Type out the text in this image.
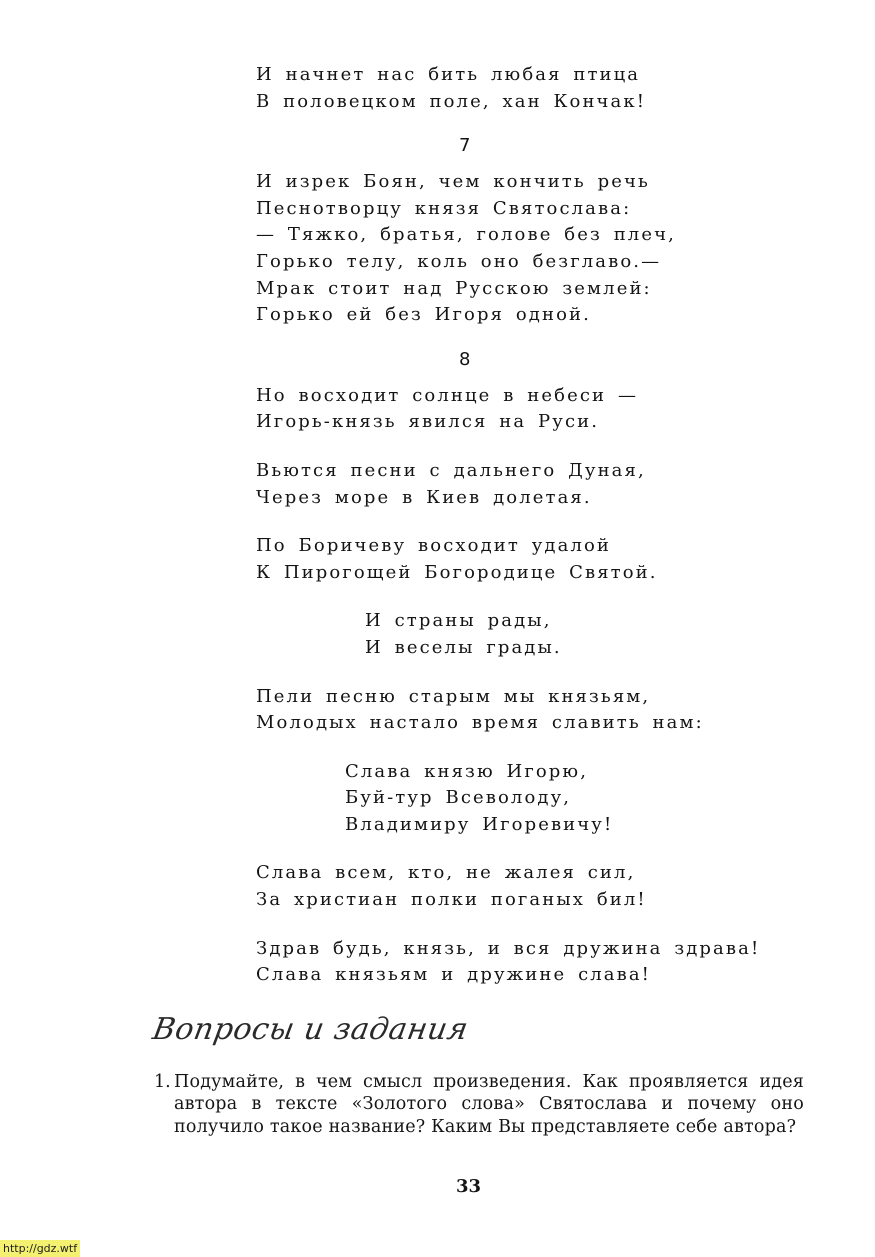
И начнет нас бить любая птица
В половецком поле, хан Кончак!
7
И изрек Боян, чем кончить речь
Песнотворцу князя Святослава:
— Тяжко, братья, голове без плеч,
Горько телу, коль оно безглаво.—
Мрак стоит над Русскою землей:
Горько ей без Игоря одной.
8
Но восходит солнце в небеси —
Игорь-князь явился на Руси.
Вьются песни с дальнего Дуная,
Через море в Киев долетая.
По Боричеву восходит удалой
К Пирогощей Богородице Святой.
И страны рады,
И веселы грады.
Пели песню старым мы князьям,
Молодых настало время славить нам:
Слава князю Игорю,
Буй-тур Всеволоду,
Владимиру Игоревичу!
Слава всем, кто, не жалея сил,
За христиан полки поганых бил!
Здрав будь, князь, и вся дружина здрава!
Слава князьям и дружине слава!
Вопросы и задания
1. Подумайте, в чем смысл произведения. Как проявляется идея автора в тексте «Золотого слова» Святослава и почему оно получило такое название? Каким Вы представляете себе автора?
33
http://gdz.wtf
